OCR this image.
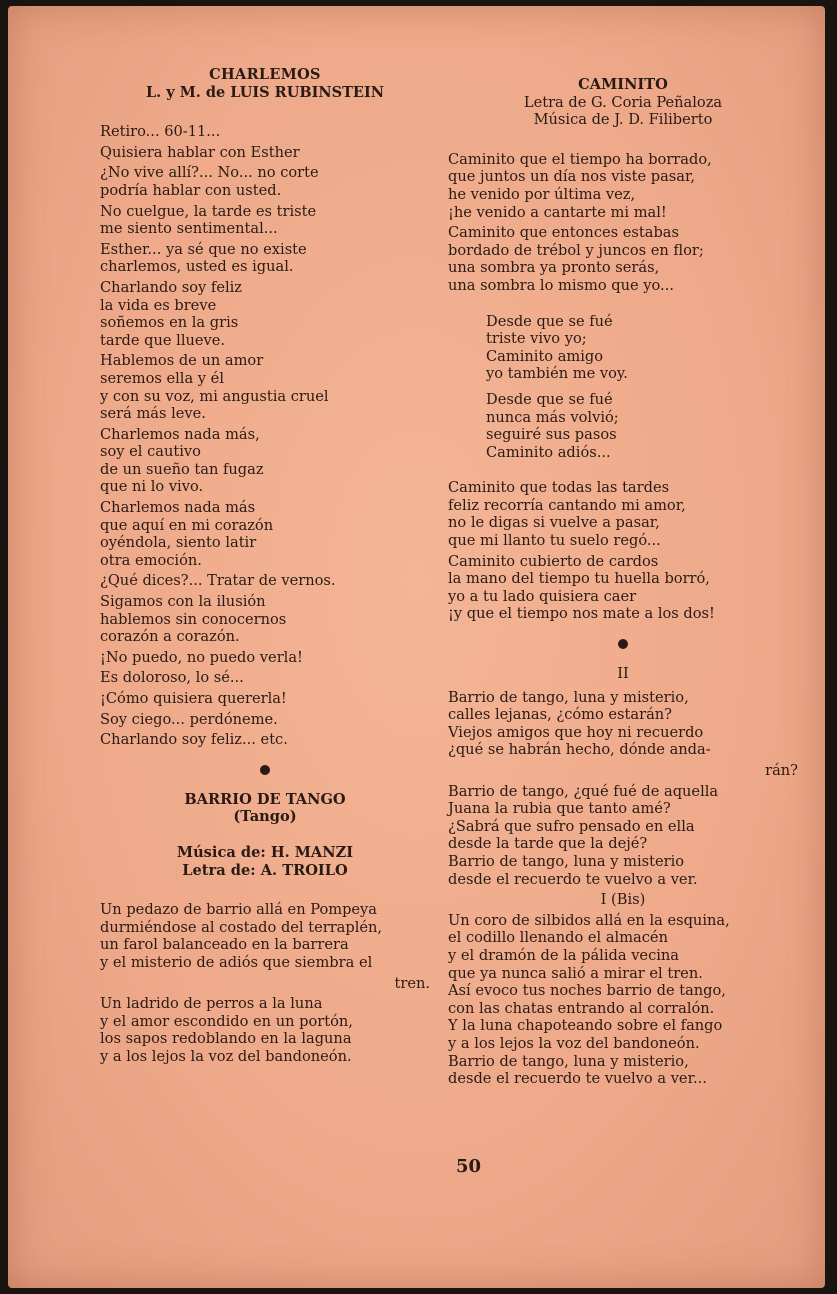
CHARLEMOS
L. y M. de LUIS RUBINSTEIN
Retiro... 60-11...
Quisiera hablar con Esther
¿No vive allí?... No... no corte
podría hablar con usted.
No cuelgue, la tarde es triste
me siento sentimental...
Esther... ya sé que no existe
charlemos, usted es igual.
Charlando soy feliz
la vida es breve
soñemos en la gris
tarde que llueve.
Hablemos de un amor
seremos ella y él
y con su voz, mi angustia cruel
será más leve.
Charlemos nada más,
soy el cautivo
de un sueño tan fugaz
que ni lo vivo.
Charlemos nada más
que aquí en mi corazón
oyéndola, siento latir
otra emoción.
¿Qué dices?... Tratar de vernos.
Sigamos con la ilusión
hablemos sin conocernos
corazón a corazón.
¡No puedo, no puedo verla!
Es doloroso, lo sé...
¡Cómo quisiera quererla!
Soy ciego... perdóneme.
Charlando soy feliz... etc.
BARRIO DE TANGO
(Tango)
Música de: H. MANZI
Letra de: A. TROILO
Un pedazo de barrio allá en Pompeya
durmiéndose al costado del terraplén,
un farol balanceado en la barrera
y el misterio de adiós que siembra el
tren.
Un ladrido de perros a la luna
y el amor escondido en un portón,
los sapos redoblando en la laguna
y a los lejos la voz del bandoneón.
CAMINITO
Letra de G. Coria Peñaloza
Música de J. D. Filiberto
Caminito que el tiempo ha borrado,
que juntos un día nos viste pasar,
he venido por última vez,
¡he venido a cantarte mi mal!
Caminito que entonces estabas
bordado de trébol y juncos en flor;
una sombra ya pronto serás,
una sombra lo mismo que yo...
Desde que se fué
triste vivo yo;
Caminito amigo
yo también me voy.
Desde que se fué
nunca más volvió;
seguiré sus pasos
Caminito adiós...
Caminito que todas las tardes
feliz recorría cantando mi amor,
no le digas si vuelve a pasar,
que mi llanto tu suelo regó...
Caminito cubierto de cardos
la mano del tiempo tu huella borró,
yo a tu lado quisiera caer
¡y que el tiempo nos mate a los dos!
II
Barrio de tango, luna y misterio,
calles lejanas, ¿cómo estarán?
Viejos amigos que hoy ni recuerdo
¿qué se habrán hecho, dónde anda-
rán?
Barrio de tango, ¿qué fué de aquella
Juana la rubia que tanto amé?
¿Sabrá que sufro pensado en ella
desde la tarde que la dejé?
Barrio de tango, luna y misterio
desde el recuerdo te vuelvo a ver.
I (Bis)
Un coro de silbidos allá en la esquina,
el codillo llenando el almacén
y el dramón de la pálida vecina
que ya nunca salió a mirar el tren.
Así evoco tus noches barrio de tango,
con las chatas entrando al corralón.
Y la luna chapoteando sobre el fango
y a los lejos la voz del bandoneón.
Barrio de tango, luna y misterio,
desde el recuerdo te vuelvo a ver...
50
